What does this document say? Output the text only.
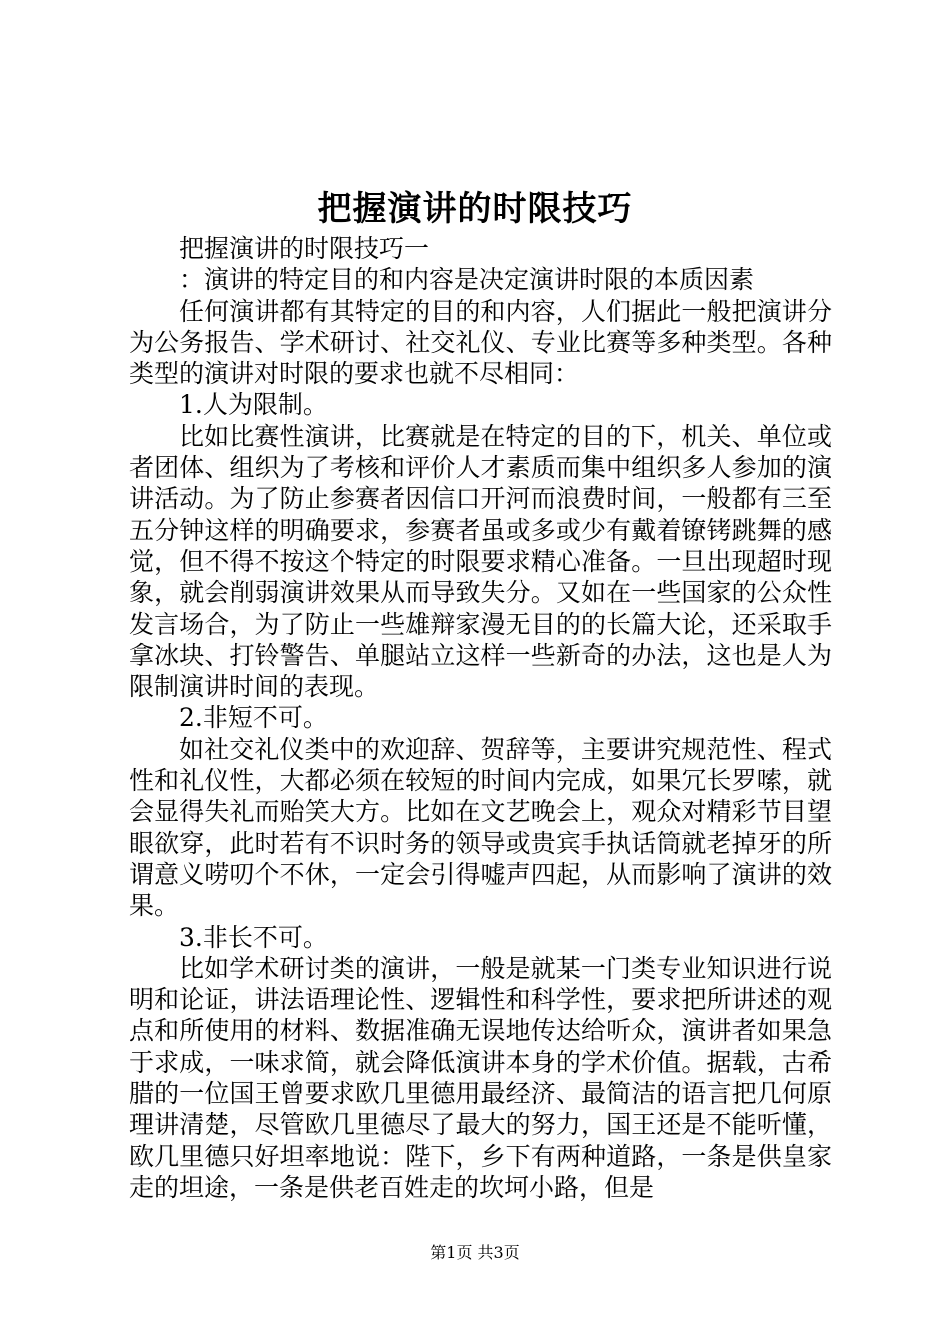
把握演讲的时限技巧

把握演讲的时限技巧一

：演讲的特定目的和内容是决定演讲时限的本质因素

任何演讲都有其特定的目的和内容，人们据此一般把演讲分为公务报告、学术研讨、社交礼仪、专业比赛等多种类型。各种类型的演讲对时限的要求也就不尽相同：

1.人为限制。

比如比赛性演讲，比赛就是在特定的目的下，机关、单位或者团体、组织为了考核和评价人才素质而集中组织多人参加的演讲活动。为了防止参赛者因信口开河而浪费时间，一般都有三至五分钟这样的明确要求，参赛者虽或多或少有戴着镣铐跳舞的感觉，但不得不按这个特定的时限要求精心准备。一旦出现超时现象，就会削弱演讲效果从而导致失分。又如在一些国家的公众性发言场合，为了防止一些雄辩家漫无目的的长篇大论，还采取手拿冰块、打铃警告、单腿站立这样一些新奇的办法，这也是人为限制演讲时间的表现。

2.非短不可。

如社交礼仪类中的欢迎辞、贺辞等，主要讲究规范性、程式性和礼仪性，大都必须在较短的时间内完成，如果冗长罗嗦，就会显得失礼而贻笑大方。比如在文艺晚会上，观众对精彩节目望眼欲穿，此时若有不识时务的领导或贵宾手执话筒就老掉牙的所谓意义唠叨个不休，一定会引得嘘声四起，从而影响了演讲的效果。

3.非长不可。

比如学术研讨类的演讲，一般是就某一门类专业知识进行说明和论证，讲法语理论性、逻辑性和科学性，要求把所讲述的观点和所使用的材料、数据准确无误地传达给听众，演讲者如果急于求成，一味求简，就会降低演讲本身的学术价值。据载，古希腊的一位国王曾要求欧几里德用最经济、最简洁的语言把几何原理讲清楚，尽管欧几里德尽了最大的努力，国王还是不能听懂，欧几里德只好坦率地说：陛下，乡下有两种道路，一条是供皇家走的坦途，一条是供老百姓走的坎坷小路，但是

第1页 共3页
